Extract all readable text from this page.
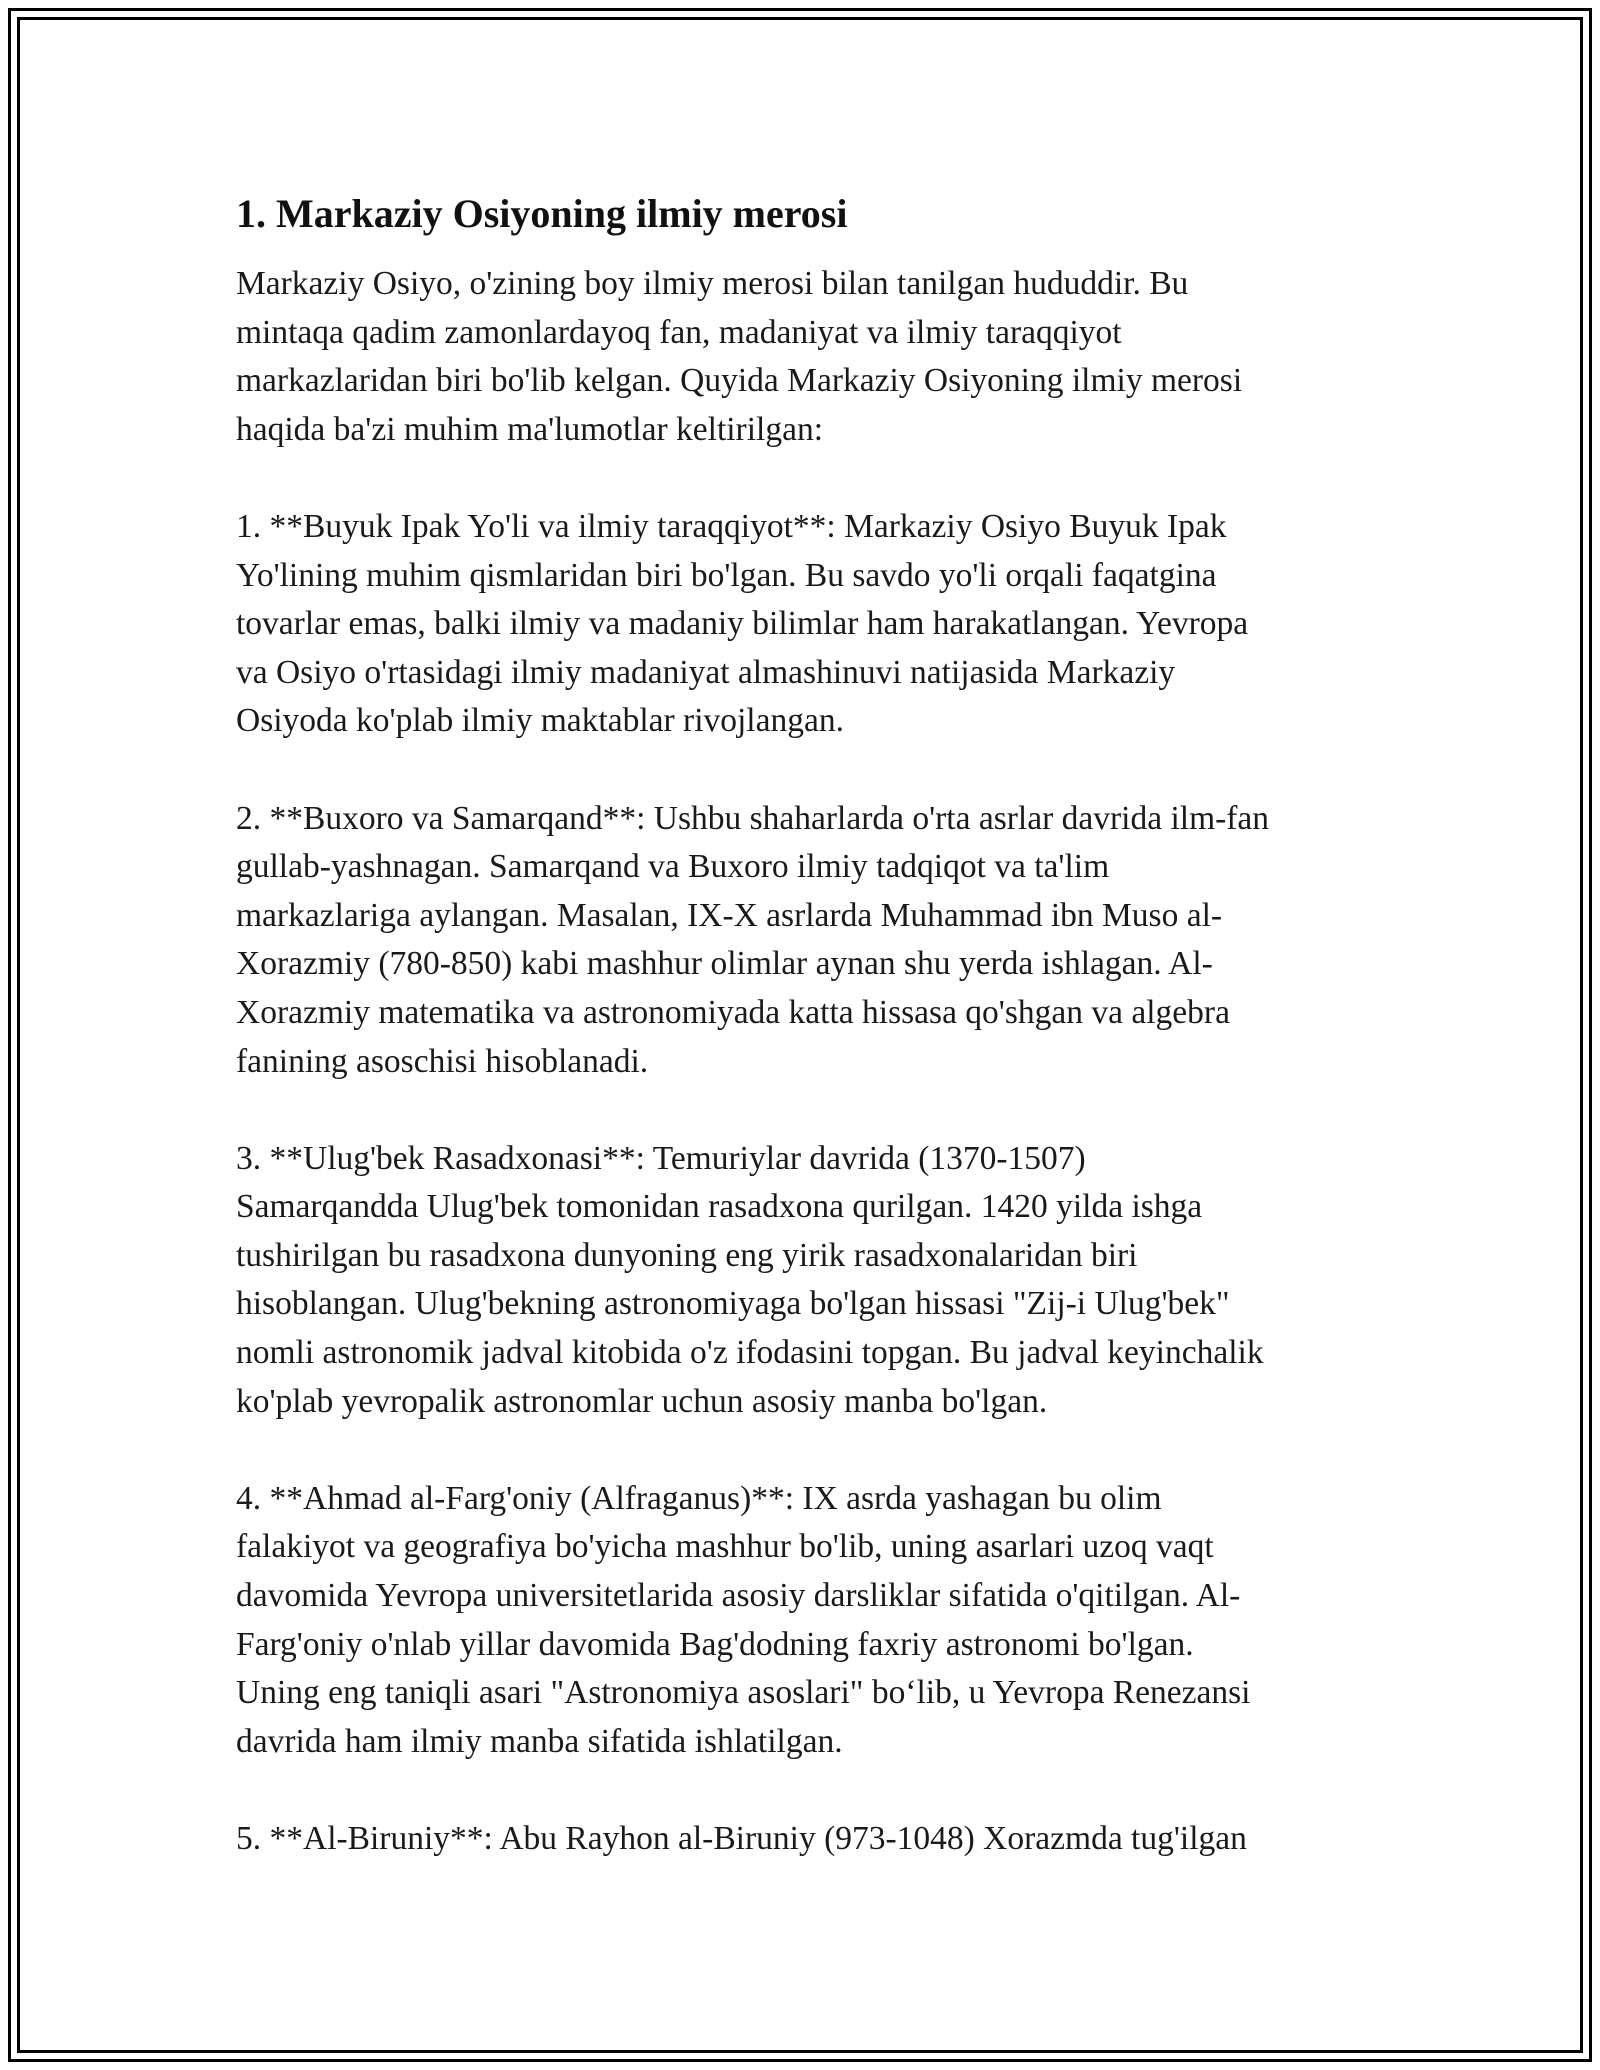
1. Markaziy Osiyoning ilmiy merosi

Markaziy Osiyo, o'zining boy ilmiy merosi bilan tanilgan hududdir. Bu
mintaqa qadim zamonlardayoq fan, madaniyat va ilmiy taraqqiyot
markazlaridan biri bo'lib kelgan. Quyida Markaziy Osiyoning ilmiy merosi
haqida ba'zi muhim ma'lumotlar keltirilgan:

1. **Buyuk Ipak Yo'li va ilmiy taraqqiyot**: Markaziy Osiyo Buyuk Ipak
Yo'lining muhim qismlaridan biri bo'lgan. Bu savdo yo'li orqali faqatgina
tovarlar emas, balki ilmiy va madaniy bilimlar ham harakatlangan. Yevropa
va Osiyo o'rtasidagi ilmiy madaniyat almashinuvi natijasida Markaziy
Osiyoda ko'plab ilmiy maktablar rivojlangan.

2. **Buxoro va Samarqand**: Ushbu shaharlarda o'rta asrlar davrida ilm-fan
gullab-yashnagan. Samarqand va Buxoro ilmiy tadqiqot va ta'lim
markazlariga aylangan. Masalan, IX-X asrlarda Muhammad ibn Muso al-
Xorazmiy (780-850) kabi mashhur olimlar aynan shu yerda ishlagan. Al-
Xorazmiy matematika va astronomiyada katta hissasa qo'shgan va algebra
fanining asoschisi hisoblanadi.

3. **Ulug'bek Rasadxonasi**: Temuriylar davrida (1370-1507)
Samarqandda Ulug'bek tomonidan rasadxona qurilgan. 1420 yilda ishga
tushirilgan bu rasadxona dunyoning eng yirik rasadxonalaridan biri
hisoblangan. Ulug'bekning astronomiyaga bo'lgan hissasi "Zij-i Ulug'bek"
nomli astronomik jadval kitobida o'z ifodasini topgan. Bu jadval keyinchalik
ko'plab yevropalik astronomlar uchun asosiy manba bo'lgan.

4. **Ahmad al-Farg'oniy (Alfraganus)**: IX asrda yashagan bu olim
falakiyot va geografiya bo'yicha mashhur bo'lib, uning asarlari uzoq vaqt
davomida Yevropa universitetlarida asosiy darsliklar sifatida o'qitilgan. Al-
Farg'oniy o'nlab yillar davomida Bag'dodning faxriy astronomi bo'lgan.
Uning eng taniqli asari "Astronomiya asoslari" bo‘lib, u Yevropa Renezansi
davrida ham ilmiy manba sifatida ishlatilgan.

5. **Al-Biruniy**: Abu Rayhon al-Biruniy (973-1048) Xorazmda tug'ilgan
